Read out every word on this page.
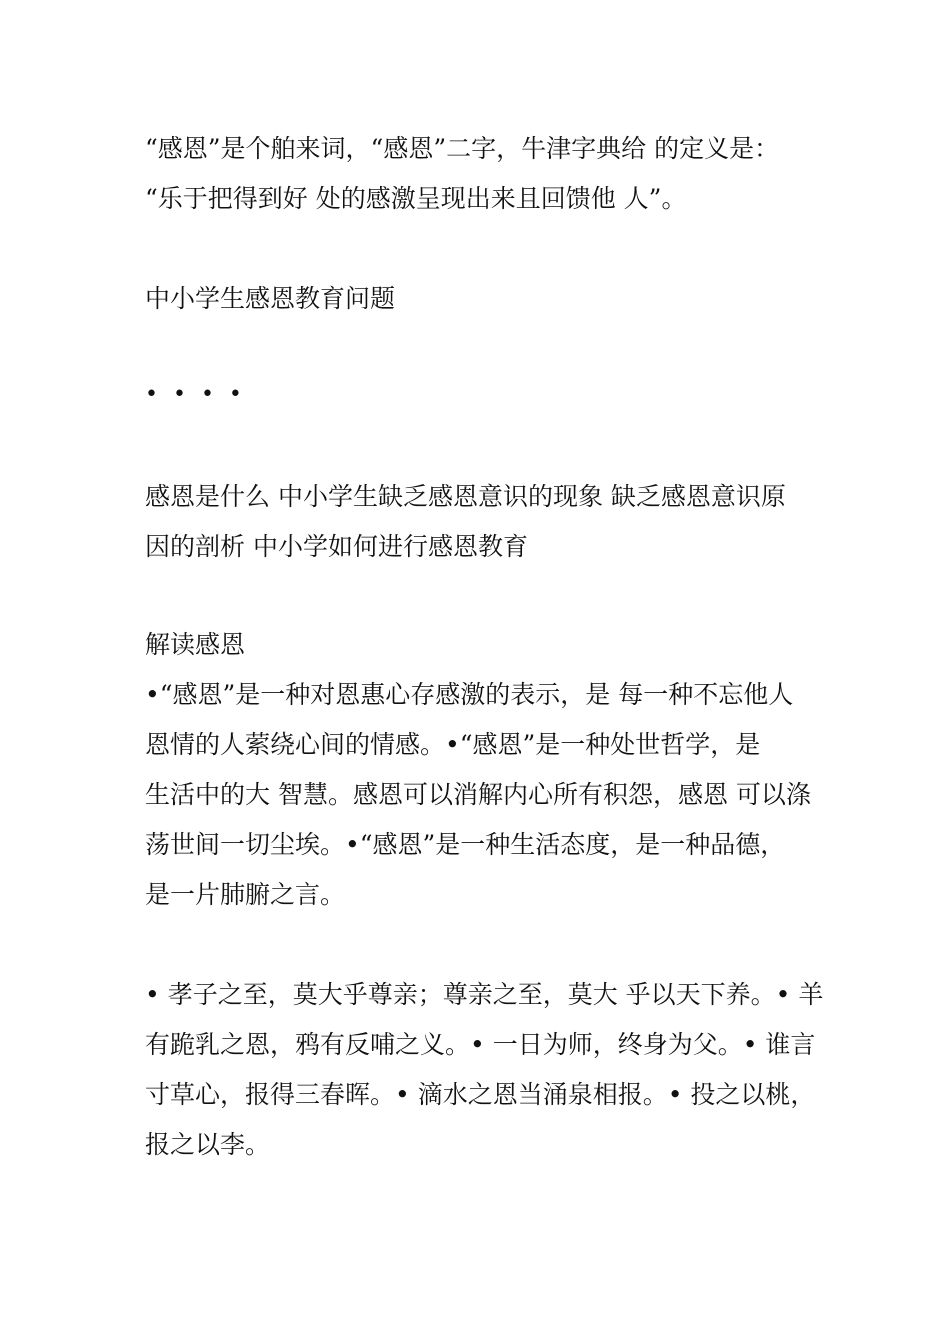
“感恩”是个舶来词，“感恩”二字，牛津字典给 的定义是：
“乐于把得到好 处的感激呈现出来且回馈他 人”。
中小学生感恩教育问题
• • • •
感恩是什么 中小学生缺乏感恩意识的现象 缺乏感恩意识原
因的剖析 中小学如何进行感恩教育
解读感恩
•“感恩”是一种对恩惠心存感激的表示，是 每一种不忘他人
恩情的人萦绕心间的情感。•“感恩”是一种处世哲学，是
生活中的大 智慧。感恩可以消解内心所有积怨，感恩 可以涤
荡世间一切尘埃。•“感恩”是一种生活态度，是一种品德，
是一片肺腑之言。
• 孝子之至，莫大乎尊亲；尊亲之至，莫大 乎以天下养。• 羊
有跪乳之恩，鸦有反哺之义。• 一日为师，终身为父。• 谁言
寸草心，报得三春晖。• 滴水之恩当涌泉相报。• 投之以桃，
报之以李。
